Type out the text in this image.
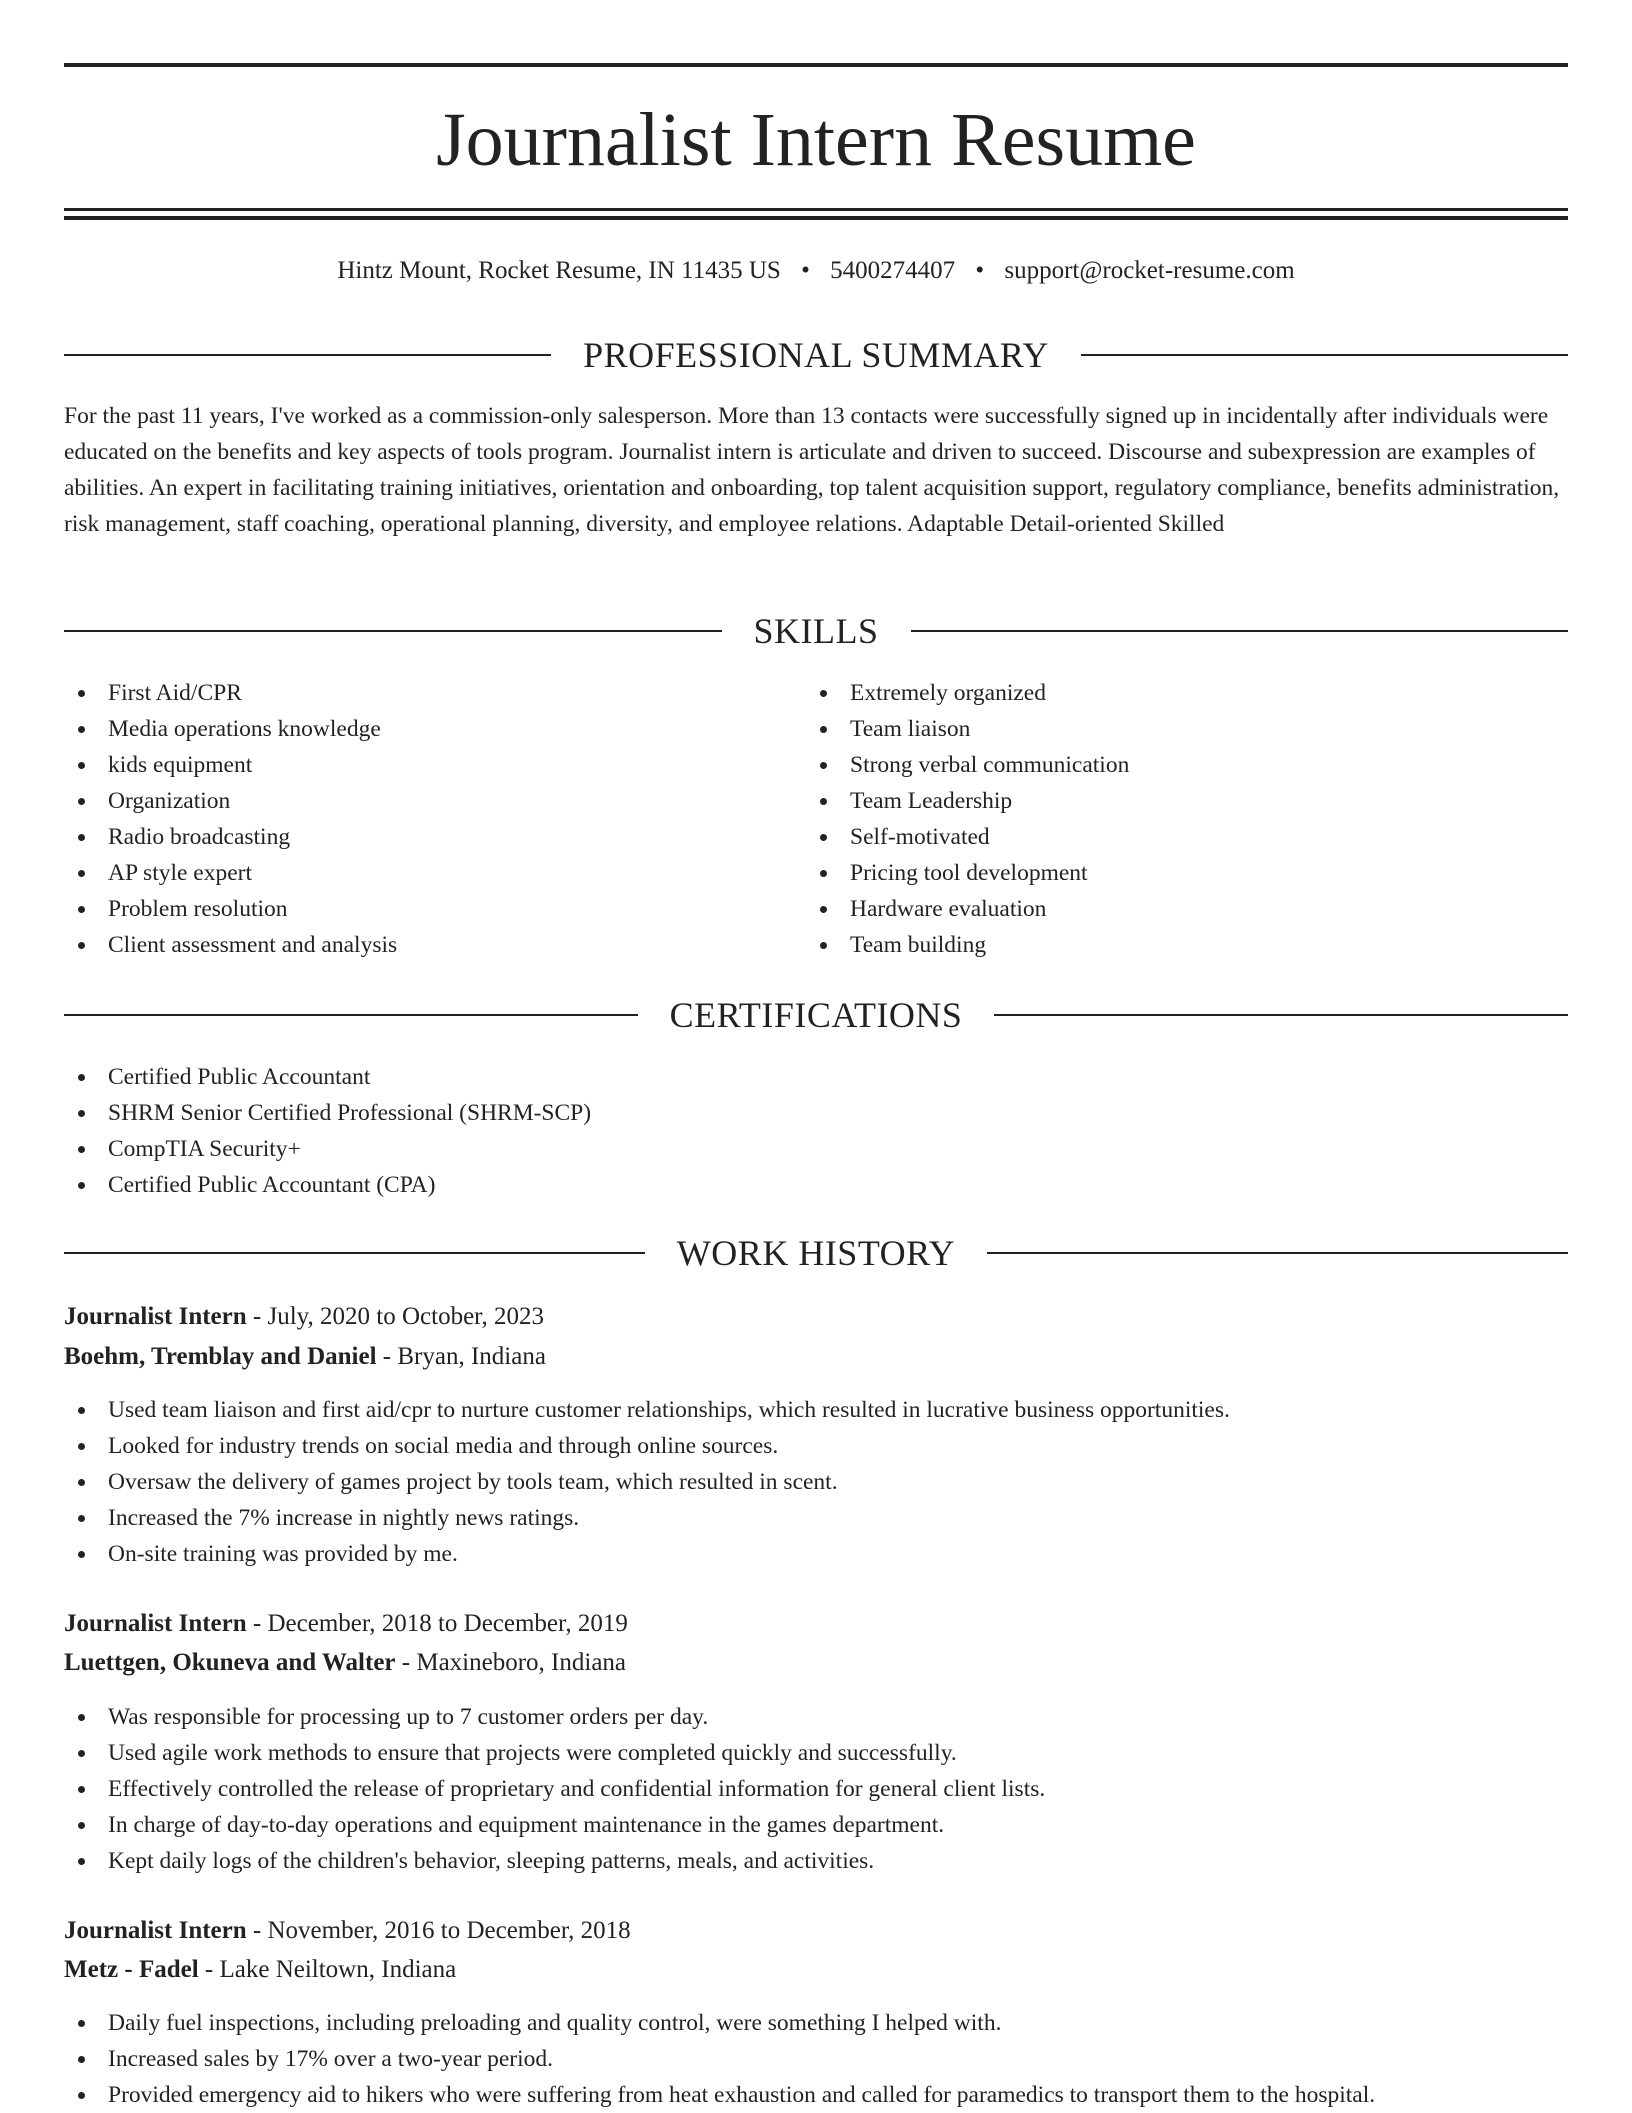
Journalist Intern Resume
Hintz Mount, Rocket Resume, IN 11435 US • 5400274407 • support@rocket-resume.com
PROFESSIONAL SUMMARY

For the past 11 years, I've worked as a commission-only salesperson. More than 13 contacts were successfully signed up in incidentally after individuals were educated on the benefits and key aspects of tools program. Journalist intern is articulate and driven to succeed. Discourse and subexpression are examples of abilities. An expert in facilitating training initiatives, orientation and onboarding, top talent acquisition support, regulatory compliance, benefits administration, risk management, staff coaching, operational planning, diversity, and employee relations. Adaptable Detail-oriented Skilled

SKILLS
First Aid/CPR
Media operations knowledge
kids equipment
Organization
Radio broadcasting
AP style expert
Problem resolution
Client assessment and analysis
Extremely organized
Team liaison
Strong verbal communication
Team Leadership
Self-motivated
Pricing tool development
Hardware evaluation
Team building
CERTIFICATIONS
Certified Public Accountant
SHRM Senior Certified Professional (SHRM-SCP)
CompTIA Security+
Certified Public Accountant (CPA)
WORK HISTORY
Journalist Intern - July, 2020 to October, 2023
Boehm, Tremblay and Daniel - Bryan, Indiana
Used team liaison and first aid/cpr to nurture customer relationships, which resulted in lucrative business opportunities.
Looked for industry trends on social media and through online sources.
Oversaw the delivery of games project by tools team, which resulted in scent.
Increased the 7% increase in nightly news ratings.
On-site training was provided by me.
Journalist Intern - December, 2018 to December, 2019
Luettgen, Okuneva and Walter - Maxineboro, Indiana
Was responsible for processing up to 7 customer orders per day.
Used agile work methods to ensure that projects were completed quickly and successfully.
Effectively controlled the release of proprietary and confidential information for general client lists.
In charge of day-to-day operations and equipment maintenance in the games department.
Kept daily logs of the children's behavior, sleeping patterns, meals, and activities.
Journalist Intern - November, 2016 to December, 2018
Metz - Fadel - Lake Neiltown, Indiana
Daily fuel inspections, including preloading and quality control, were something I helped with.
Increased sales by 17% over a two-year period.
Provided emergency aid to hikers who were suffering from heat exhaustion and called for paramedics to transport them to the hospital.
